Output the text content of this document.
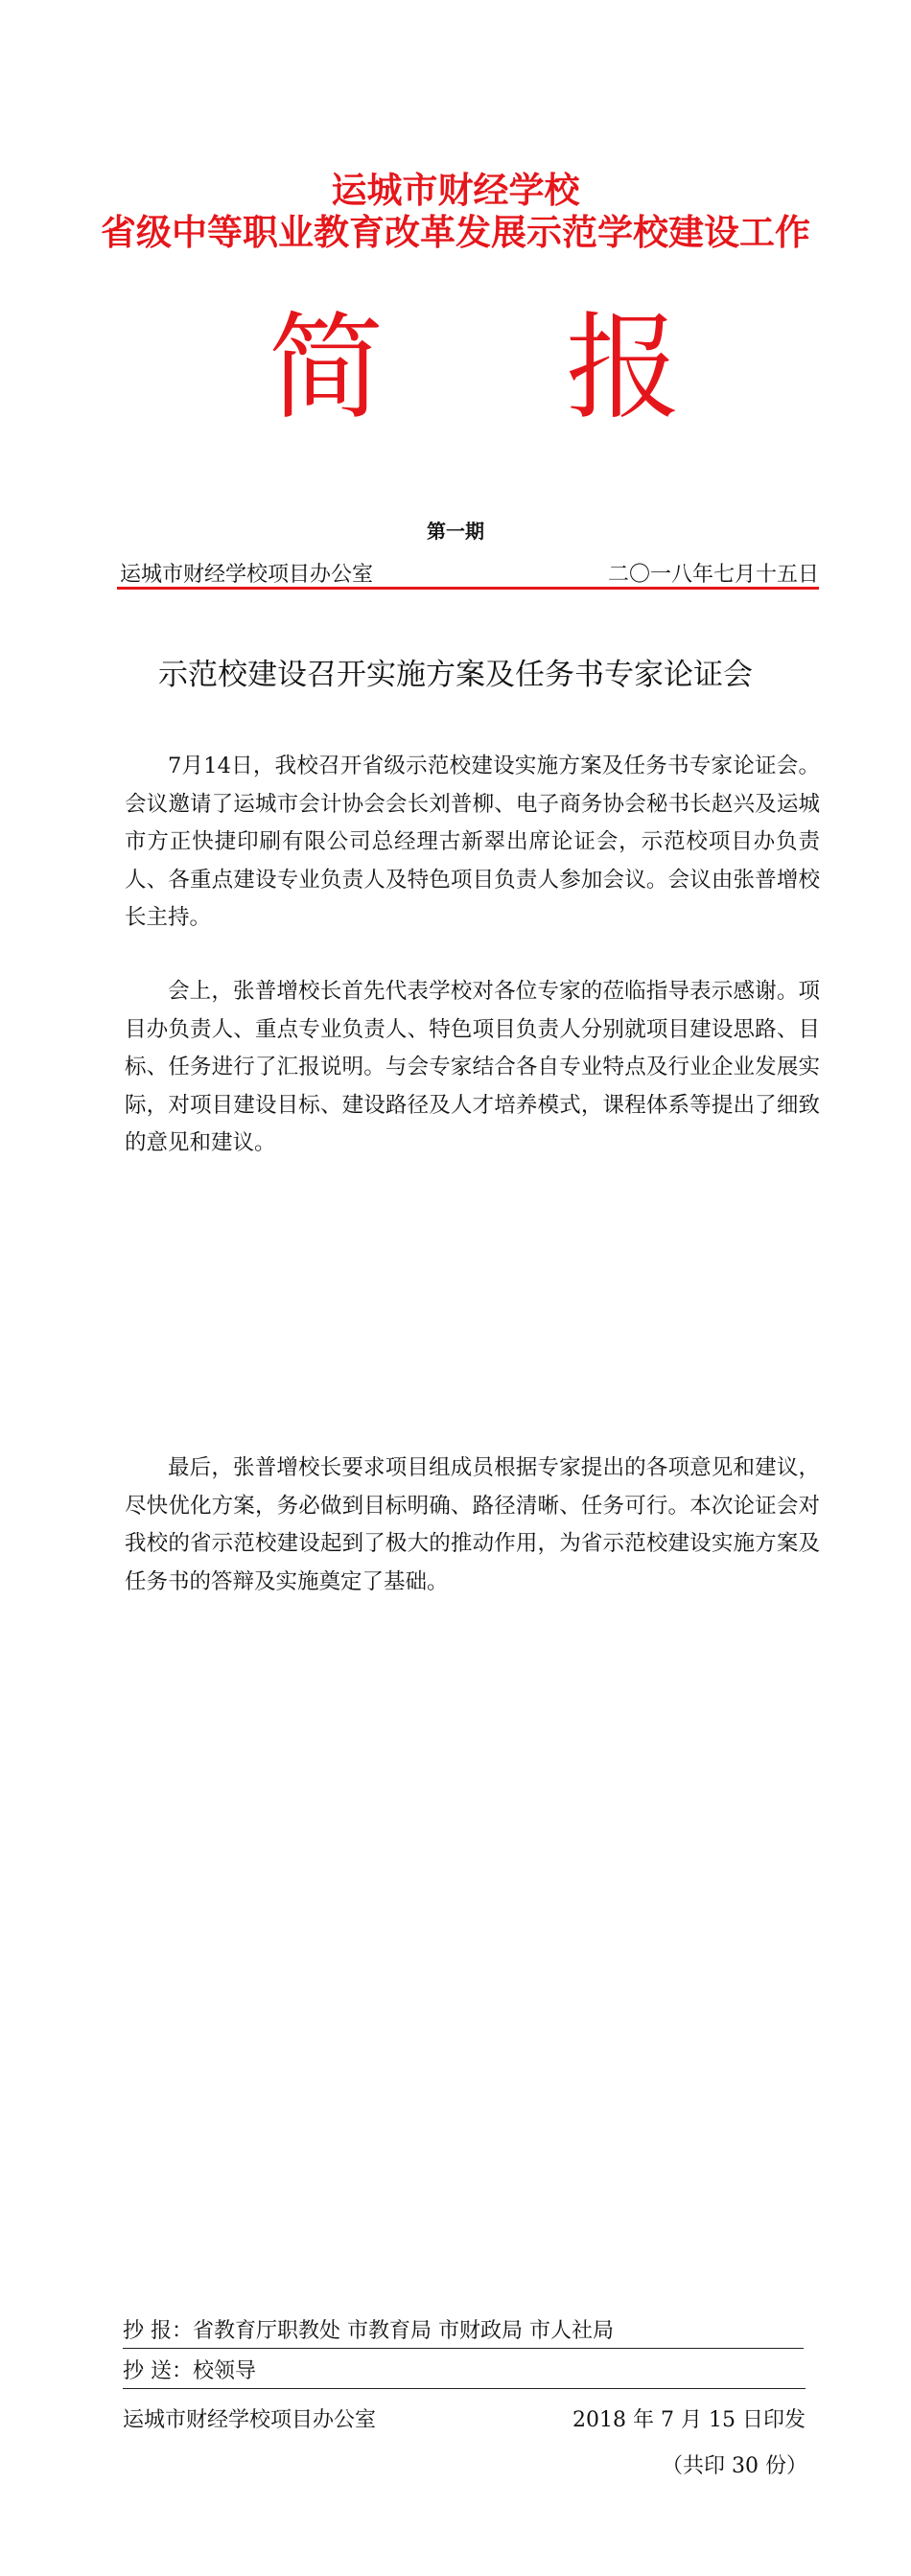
运城市财经学校
省级中等职业教育改革发展示范学校建设工作
简 报
第一期
运城市财经学校项目办公室	二〇一八年七月十五日
示范校建设召开实施方案及任务书专家论证会

7月14日，我校召开省级示范校建设实施方案及任务书专家论证会。会议邀请了运城市会计协会会长刘普柳、电子商务协会秘书长赵兴及运城市方正快捷印刷有限公司总经理古新翠出席论证会，示范校项目办负责人、各重点建设专业负责人及特色项目负责人参加会议。会议由张普增校长主持。

会上，张普增校长首先代表学校对各位专家的莅临指导表示感谢。项目办负责人、重点专业负责人、特色项目负责人分别就项目建设思路、目标、任务进行了汇报说明。与会专家结合各自专业特点及行业企业发展实际，对项目建设目标、建设路径及人才培养模式，课程体系等提出了细致的意见和建议。

最后，张普增校长要求项目组成员根据专家提出的各项意见和建议，尽快优化方案，务必做到目标明确、路径清晰、任务可行。本次论证会对我校的省示范校建设起到了极大的推动作用，为省示范校建设实施方案及任务书的答辩及实施奠定了基础。

抄 报：省教育厅职教处 市教育局 市财政局 市人社局
抄 送：校领导
运城市财经学校项目办公室	2018 年 7 月 15 日印发
（共印 30 份）
